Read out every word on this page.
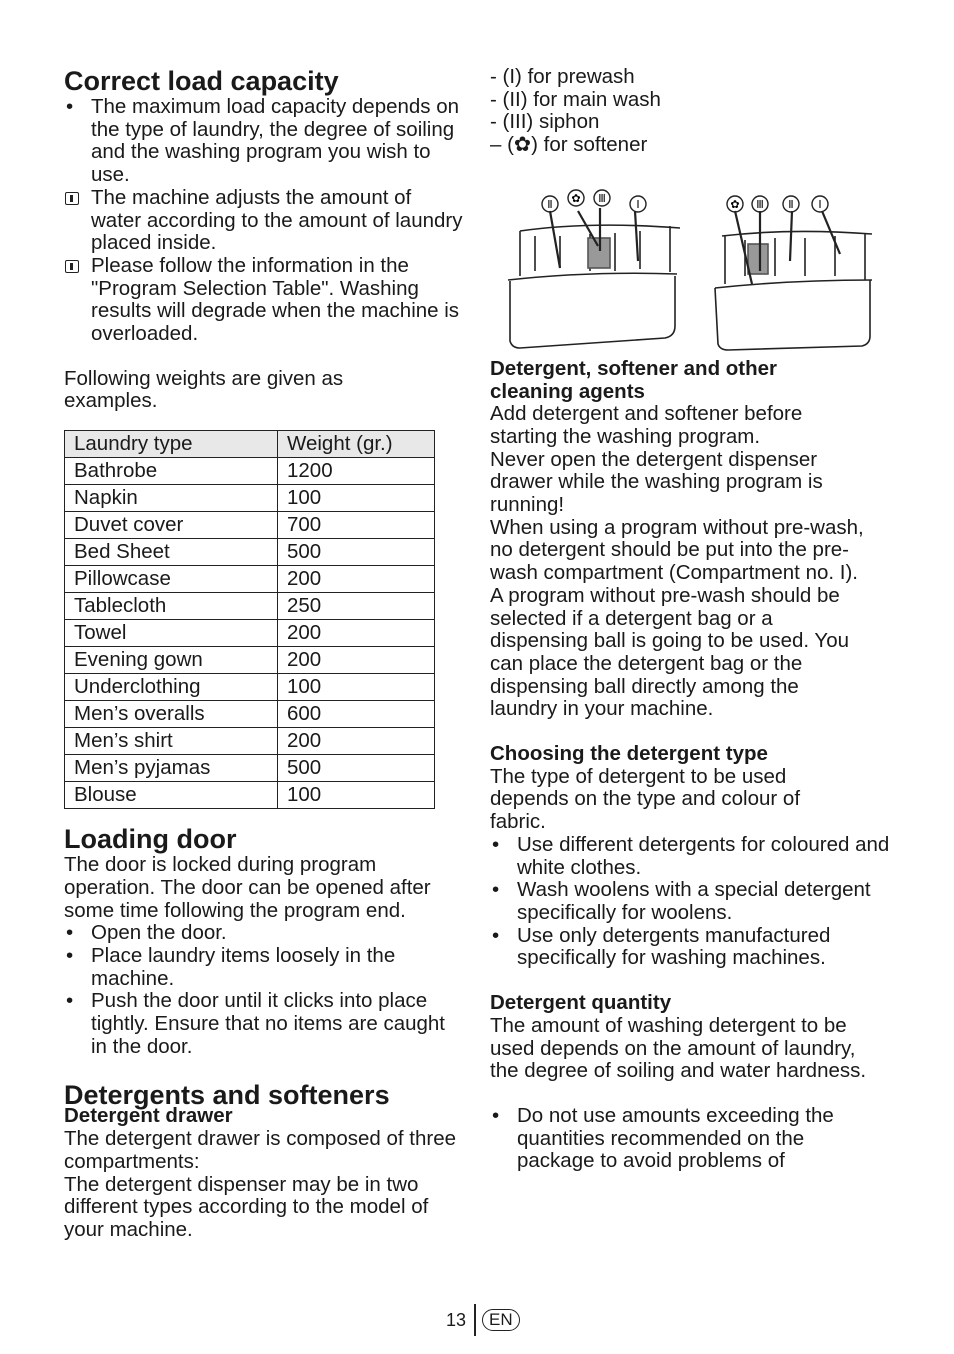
Correct load capacity
• The maximum load capacity depends on the type of laundry, the degree of soiling and the washing program you wish to use.
The machine adjusts the amount of water according to the amount of laundry placed inside.
Please follow the information in the "Program Selection Table". Washing results will degrade when the machine is overloaded.

Following weights are given as examples.

Laundry type	Weight (gr.)
Bathrobe	1200
Napkin	100
Duvet cover	700
Bed Sheet	500
Pillowcase	200
Tablecloth	250
Towel	200
Evening gown	200
Underclothing	100
Men’s overalls	600
Men’s shirt	200
Men’s pyjamas	500
Blouse	100
Loading door

The door is locked during program operation. The door can be opened after some time following the program end.

• Open the door.
• Place laundry items loosely in the machine.
• Push the door until it clicks into place tightly. Ensure that no items are caught in the door.
Detergents and softeners
Detergent drawer

The detergent drawer is composed of three compartments:

The detergent dispenser may be in two different types according to the model of your machine.

- (I) for prewash

- (II) for main wash

- (III) siphon

– (✿) for softener

Ⅱ ✿ Ⅲ	Ⅰ	✿ Ⅲ Ⅱ Ⅰ
Detergent, softener and other cleaning agents

Add detergent and softener before starting the washing program.
Never open the detergent dispenser drawer while the washing program is running!
When using a program without pre-wash, no detergent should be put into the pre-wash compartment (Compartment no. I).
A program without pre-wash should be selected if a detergent bag or a dispensing ball is going to be used. You can place the detergent bag or the dispensing ball directly among the laundry in your machine.

Choosing the detergent type

The type of detergent to be used depends on the type and colour of fabric.

• Use different detergents for coloured and white clothes.
• Wash woolens with a special detergent specifically for woolens.
• Use only detergents manufactured specifically for washing machines.
Detergent quantity

The amount of washing detergent to be used depends on the amount of laundry, the degree of soiling and water hardness.

• Do not use amounts exceeding the quantities recommended on the package to avoid problems of
13	EN
